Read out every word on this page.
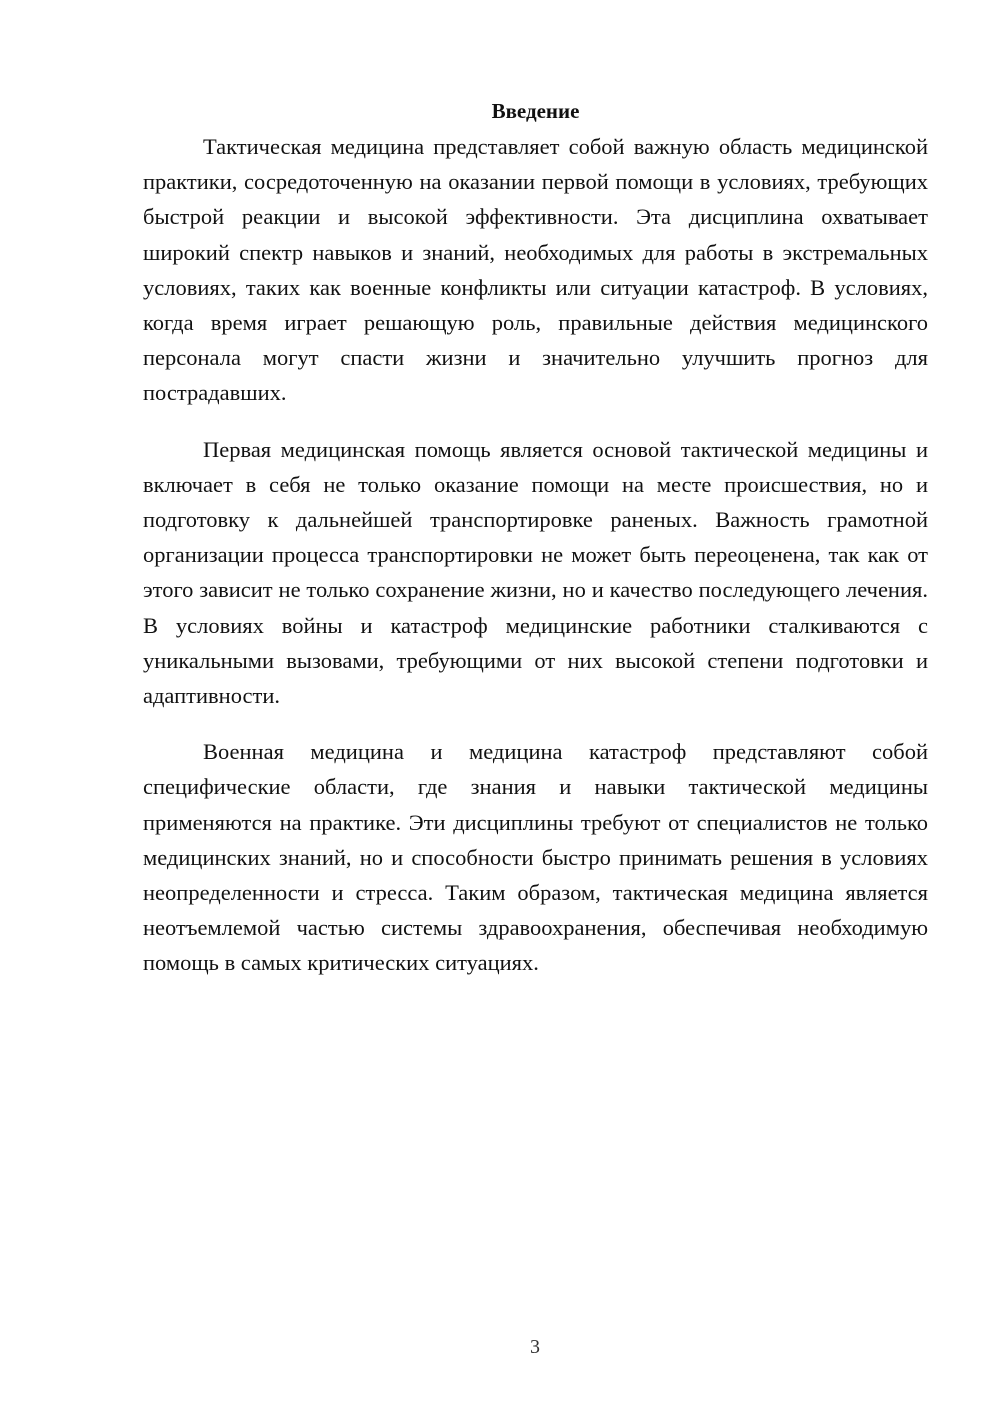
Введение

Тактическая медицина представляет собой важную область медицинской практики, сосредоточенную на оказании первой помощи в условиях, требующих быстрой реакции и высокой эффективности. Эта дисциплина охватывает широкий спектр навыков и знаний, необходимых для работы в экстремальных условиях, таких как военные конфликты или ситуации катастроф. В условиях, когда время играет решающую роль, правильные действия медицинского персонала могут спасти жизни и значительно улучшить прогноз для пострадавших.

Первая медицинская помощь является основой тактической медицины и включает в себя не только оказание помощи на месте происшествия, но и подготовку к дальнейшей транспортировке раненых. Важность грамотной организации процесса транспортировки не может быть переоценена, так как от этого зависит не только сохранение жизни, но и качество последующего лечения. В условиях войны и катастроф медицинские работники сталкиваются с уникальными вызовами, требующими от них высокой степени подготовки и адаптивности.

Военная медицина и медицина катастроф представляют собой специфические области, где знания и навыки тактической медицины применяются на практике. Эти дисциплины требуют от специалистов не только медицинских знаний, но и способности быстро принимать решения в условиях неопределенности и стресса. Таким образом, тактическая медицина является неотъемлемой частью системы здравоохранения, обеспечивая необходимую помощь в самых критических ситуациях.

3
